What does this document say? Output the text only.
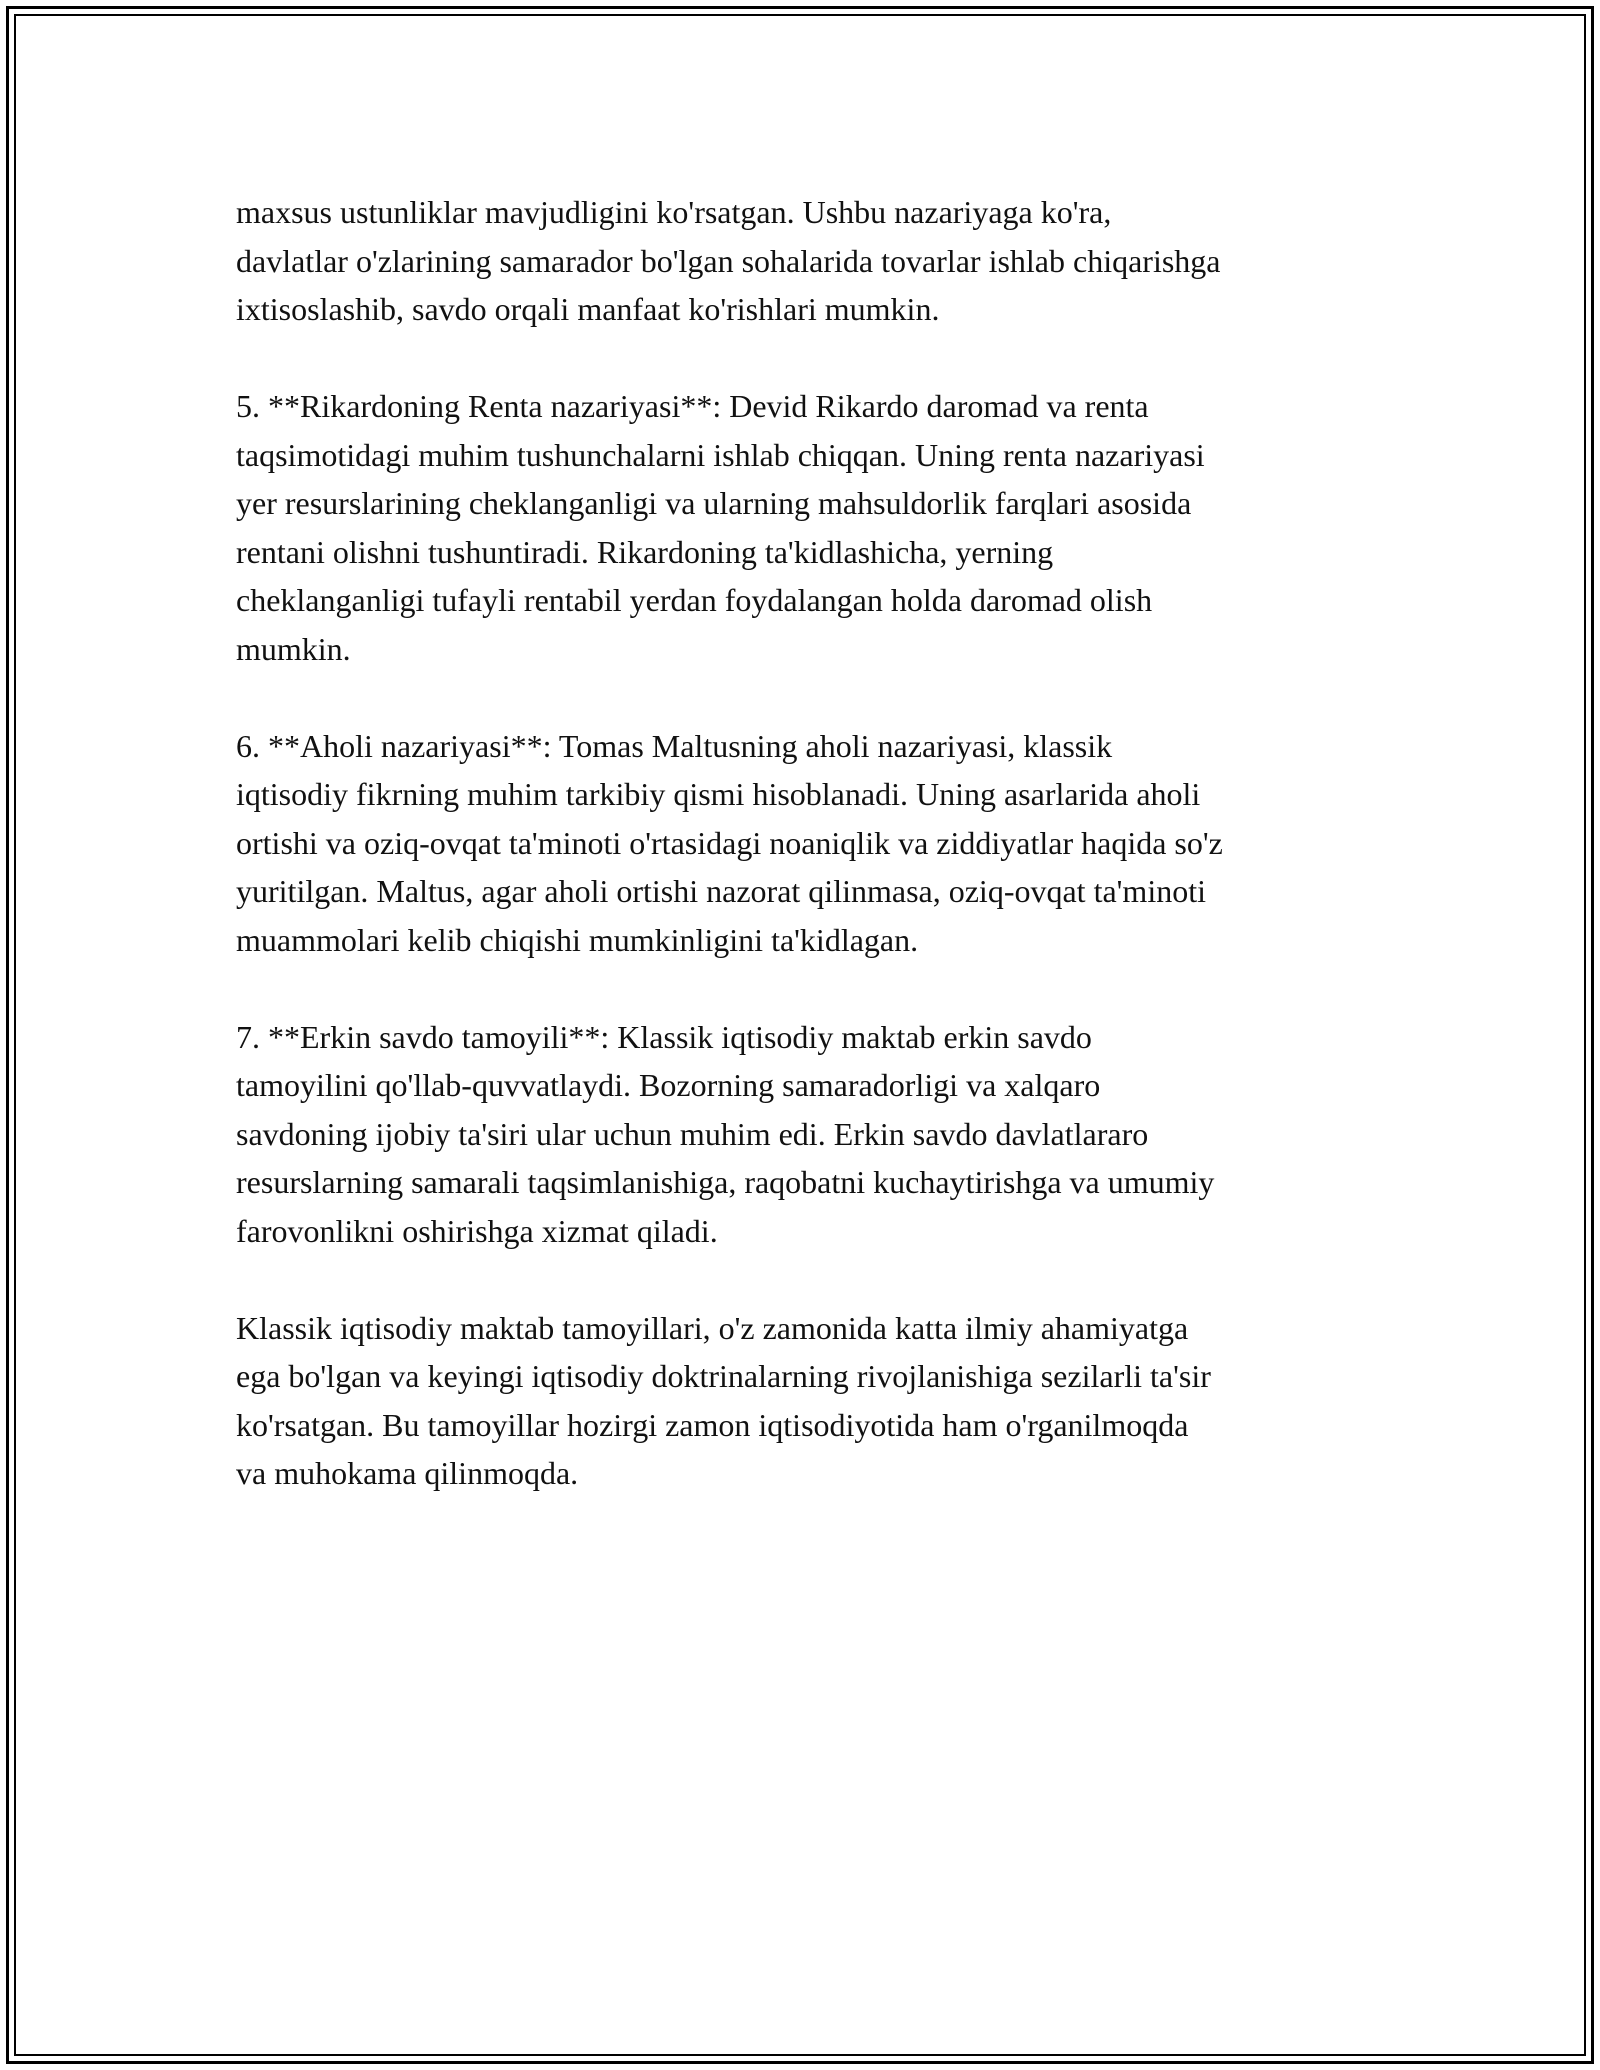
maxsus ustunliklar mavjudligini ko'rsatgan. Ushbu nazariyaga ko'ra,
davlatlar o'zlarining samarador bo'lgan sohalarida tovarlar ishlab chiqarishga
ixtisoslashib, savdo orqali manfaat ko'rishlari mumkin.
5. **Rikardoning Renta nazariyasi**: Devid Rikardo daromad va renta
taqsimotidagi muhim tushunchalarni ishlab chiqqan. Uning renta nazariyasi
yer resurslarining cheklanganligi va ularning mahsuldorlik farqlari asosida
rentani olishni tushuntiradi. Rikardoning ta'kidlashicha, yerning
cheklanganligi tufayli rentabil yerdan foydalangan holda daromad olish
mumkin.
6. **Aholi nazariyasi**: Tomas Maltusning aholi nazariyasi, klassik
iqtisodiy fikrning muhim tarkibiy qismi hisoblanadi. Uning asarlarida aholi
ortishi va oziq-ovqat ta'minoti o'rtasidagi noaniqlik va ziddiyatlar haqida so'z
yuritilgan. Maltus, agar aholi ortishi nazorat qilinmasa, oziq-ovqat ta'minoti
muammolari kelib chiqishi mumkinligini ta'kidlagan.
7. **Erkin savdo tamoyili**: Klassik iqtisodiy maktab erkin savdo
tamoyilini qo'llab-quvvatlaydi. Bozorning samaradorligi va xalqaro
savdoning ijobiy ta'siri ular uchun muhim edi. Erkin savdo davlatlararo
resurslarning samarali taqsimlanishiga, raqobatni kuchaytirishga va umumiy
farovonlikni oshirishga xizmat qiladi.
Klassik iqtisodiy maktab tamoyillari, o'z zamonida katta ilmiy ahamiyatga
ega bo'lgan va keyingi iqtisodiy doktrinalarning rivojlanishiga sezilarli ta'sir
ko'rsatgan. Bu tamoyillar hozirgi zamon iqtisodiyotida ham o'rganilmoqda
va muhokama qilinmoqda.
